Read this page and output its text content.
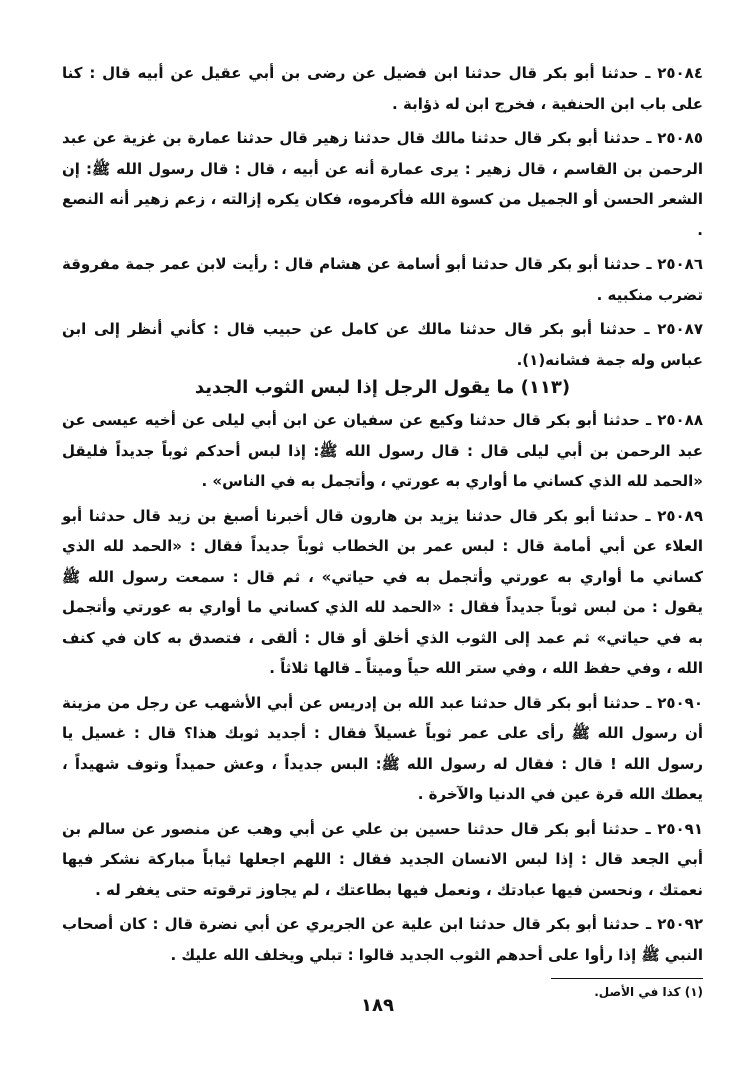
٢٥٠٨٤ ـ حدثنا أبو بكر قال حدثنا ابن فضيل عن رضى بن أبي عقيل عن أبيه قال : كنا على باب ابن الحنفية ، فخرج ابن له ذؤابة .

٢٥٠٨٥ ـ حدثنا أبو بكر قال حدثنا مالك قال حدثنا زهير قال حدثنا عمارة بن غزية عن عبد الرحمن بن القاسم ، قال زهير : يرى عمارة أنه عن أبيه ، قال : قال رسول الله ﷺ: إن الشعر الحسن أو الجميل من كسوة الله فأكرموه، فكان يكره إزالته ، زعم زهير أنه النصع .

٢٥٠٨٦ ـ حدثنا أبو بكر قال حدثنا أبو أسامة عن هشام قال : رأيت لابن عمر جمة مفروقة تضرب منكبيه .

٢٥٠٨٧ ـ حدثنا أبو بكر قال حدثنا مالك عن كامل عن حبيب قال : كأني أنظر إلى ابن عباس وله جمة فشانه(١).

(١١٣) ما يقول الرجل إذا لبس الثوب الجديد

٢٥٠٨٨ ـ حدثنا أبو بكر قال حدثنا وكيع عن سفيان عن ابن أبي ليلى عن أخيه عيسى عن عبد الرحمن بن أبي ليلى قال : قال رسول الله ﷺ: إذا لبس أحدكم ثوباً جديداً فليقل «الحمد لله الذي كساني ما أواري به عورتي ، وأتجمل به في الناس» .

٢٥٠٨٩ ـ حدثنا أبو بكر قال حدثنا يزيد بن هارون قال أخبرنا أصبغ بن زيد قال حدثنا أبو العلاء عن أبي أمامة قال : لبس عمر بن الخطاب ثوباً جديداً فقال : «الحمد لله الذي كساني ما أواري به عورتي وأتجمل به في حياتي» ، ثم قال : سمعت رسول الله ﷺ يقول : من لبس ثوباً جديداً فقال : «الحمد لله الذي كساني ما أواري به عورتي وأتجمل به في حياتي» ثم عمد إلى الثوب الذي أخلق أو قال : ألقى ، فتصدق به كان في كنف الله ، وفي حفظ الله ، وفي ستر الله حياً وميتاً ـ قالها ثلاثاً .

٢٥٠٩٠ ـ حدثنا أبو بكر قال حدثنا عبد الله بن إدريس عن أبي الأشهب عن رجل من مزينة أن رسول الله ﷺ رأى على عمر ثوباً غسيلاً فقال : أجديد ثوبك هذا؟ قال : غسيل يا رسول الله ! قال : فقال له رسول الله ﷺ: البس جديداً ، وعش حميداً وتوف شهيداً ، يعطك الله قرة عين في الدنيا والآخرة .

٢٥٠٩١ ـ حدثنا أبو بكر قال حدثنا حسين بن علي عن أبي وهب عن منصور عن سالم بن أبي الجعد قال : إذا لبس الانسان الجديد فقال : اللهم اجعلها ثياباً مباركة نشكر فيها نعمتك ، ونحسن فيها عبادتك ، ونعمل فيها بطاعتك ، لم يجاوز ترقوته حتى يغفر له .

٢٥٠٩٢ ـ حدثنا أبو بكر قال حدثنا ابن علية عن الجريري عن أبي نضرة قال : كان أصحاب النبي ﷺ إذا رأوا على أحدهم الثوب الجديد قالوا : تبلي ويخلف الله عليك .

(١) كذا في الأصل.
١٨٩
